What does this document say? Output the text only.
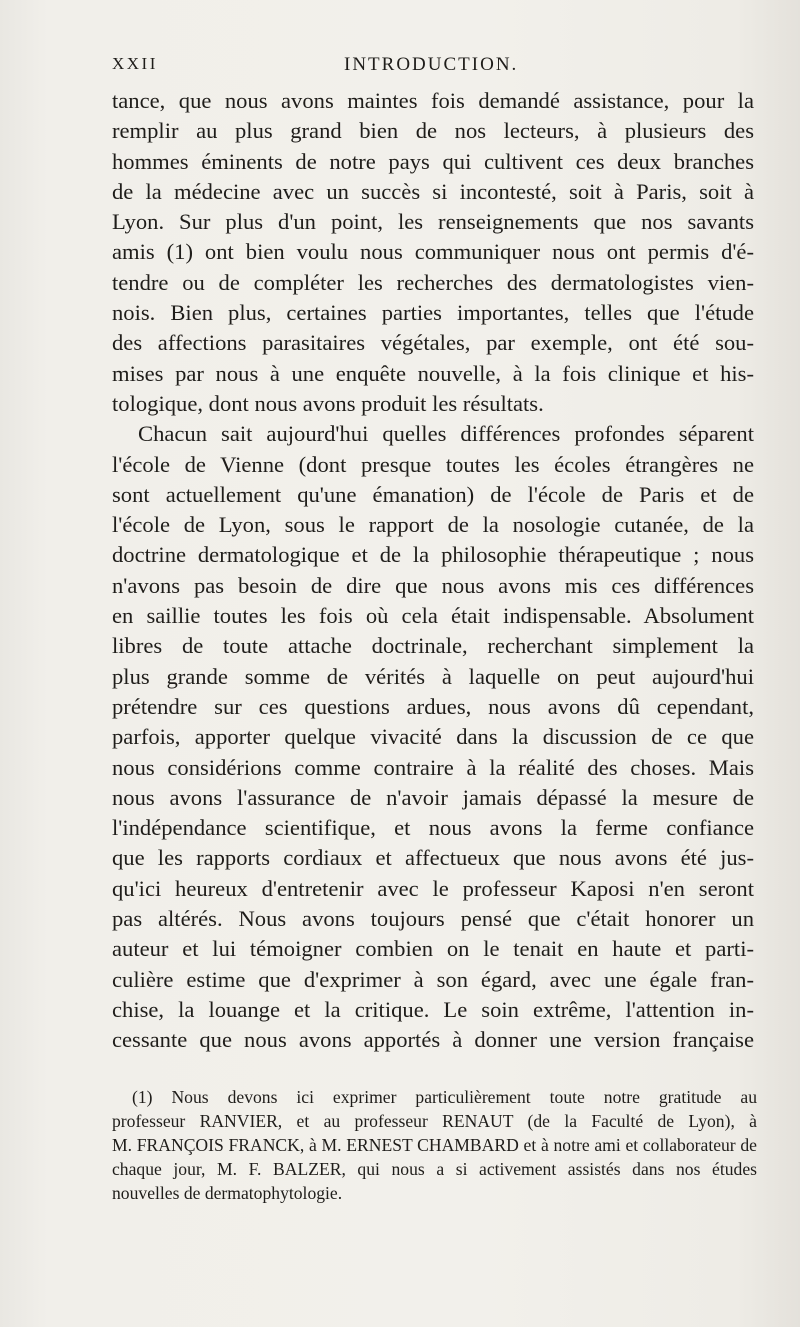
XXII	INTRODUCTION.
tance, que nous avons maintes fois demandé assistance, pour la
remplir au plus grand bien de nos lecteurs, à plusieurs des
hommes éminents de notre pays qui cultivent ces deux branches
de la médecine avec un succès si incontesté, soit à Paris, soit à
Lyon. Sur plus d'un point, les renseignements que nos savants
amis (1) ont bien voulu nous communiquer nous ont permis d'é-
tendre ou de compléter les recherches des dermatologistes vien-
nois. Bien plus, certaines parties importantes, telles que l'étude
des affections parasitaires végétales, par exemple, ont été sou-
mises par nous à une enquête nouvelle, à la fois clinique et his-
tologique, dont nous avons produit les résultats.
Chacun sait aujourd'hui quelles différences profondes séparent
l'école de Vienne (dont presque toutes les écoles étrangères ne
sont actuellement qu'une émanation) de l'école de Paris et de
l'école de Lyon, sous le rapport de la nosologie cutanée, de la
doctrine dermatologique et de la philosophie thérapeutique ; nous
n'avons pas besoin de dire que nous avons mis ces différences
en saillie toutes les fois où cela était indispensable. Absolument
libres de toute attache doctrinale, recherchant simplement la
plus grande somme de vérités à laquelle on peut aujourd'hui
prétendre sur ces questions ardues, nous avons dû cependant,
parfois, apporter quelque vivacité dans la discussion de ce que
nous considérions comme contraire à la réalité des choses. Mais
nous avons l'assurance de n'avoir jamais dépassé la mesure de
l'indépendance scientifique, et nous avons la ferme confiance
que les rapports cordiaux et affectueux que nous avons été jus-
qu'ici heureux d'entretenir avec le professeur Kaposi n'en seront
pas altérés. Nous avons toujours pensé que c'était honorer un
auteur et lui témoigner combien on le tenait en haute et parti-
culière estime que d'exprimer à son égard, avec une égale fran-
chise, la louange et la critique. Le soin extrême, l'attention in-
cessante que nous avons apportés à donner une version française
(1) Nous devons ici exprimer particulièrement toute notre gratitude au
professeur RANVIER, et au professeur RENAUT (de la Faculté de Lyon), à
M. FRANÇOIS FRANCK, à M. ERNEST CHAMBARD et à notre ami et collaborateur de
chaque jour, M. F. BALZER, qui nous a si activement assistés dans nos études
nouvelles de dermatophytologie.
